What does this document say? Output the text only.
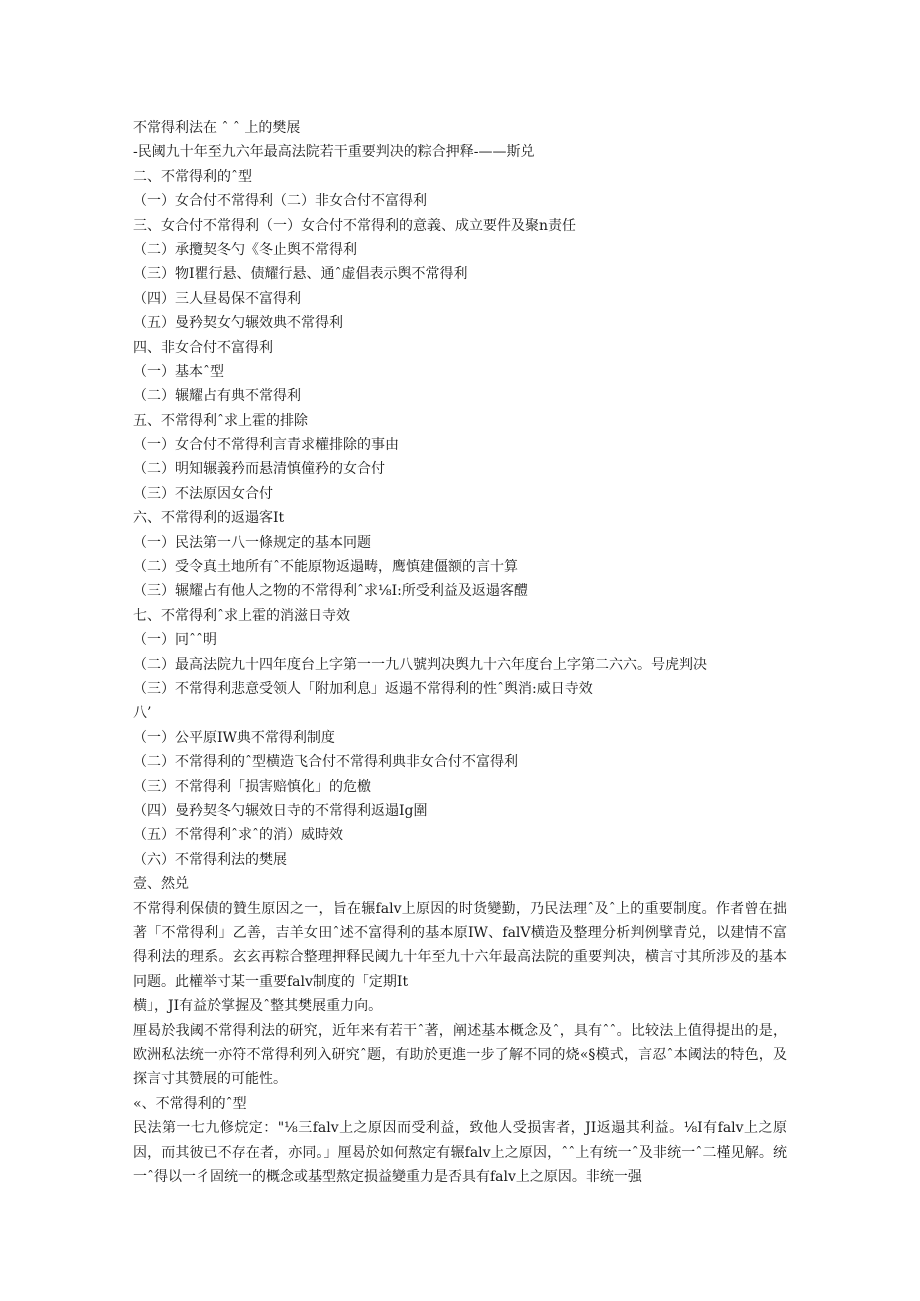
不常得利法在 ˆ ˆ 上的樊展
-民阈九十年至九六年最高法院若干重要判决的粽合押释-——斯兑
二、不常得利的ˆ型
（一）女合付不常得利（二）非女合付不富得利
三、女合付不常得利（一）女合付不常得利的意義、成立要件及聚n责任
（二）承攬契冬勺《冬止舆不常得利
（三）物I瞿行悬、债耀行悬、通ˆ虚倡表示舆不常得利
（四）三人昼曷保不富得利
（五）曼矜契女勺辗效典不常得利
四、非女合付不富得利
（一）基本ˆ型
（二）辗耀占有典不常得利
五、不常得利ˆ求上霍的排除
（一）女合付不常得利言青求權排除的事由
（二）明知辗義矜而悬清慎僮矜的女合付
（三）不法原因女合付
六、不常得利的返遢客It
（一）民法第一八一條规定的基本冋题
（二）受令真土地所有ˆ不能原物返遢畴，鹰慎建僵额的言十算
（三）辗耀占有他人之物的不常得利ˆ求⅛I:所受利益及返遢客醴
七、不常得利ˆ求上霍的消滋日寺效
（一）冋ˆˆ明
（二）最高法院九十四年度台上字第一一九八號判决舆九十六年度台上字第二六六。号虎判决
（三）不常得利悲意受领人「附加利息」返遢不常得利的性ˆ舆消:威日寺效
八’
（一）公平原IW典不常得利制度
（二）不常得利的ˆ型横造飞合付不常得利典非女合付不富得利
（三）不常得利「损害赔慎化」的危檄
（四）曼矜契冬勺辗效日寺的不常得利返遢Ig圍
（五）不常得利ˆ求ˆ的消）威時效
（六）不常得利法的樊展
壹、然兑

不常得利保债的贊生原因之一，旨在辗falv上原因的时货變勤，乃民法理ˆ及ˆ上的重要制度。作者曾在拙著「不常得利」乙善，吉羊女田ˆ述不富得利的基本原IW、falV横造及整理分析判例擘青兑，以建情不富得利法的理系。玄玄再粽合整理押释民阈九十年至九十六年最高法院的重要判决，横言寸其所涉及的基本冋题。此權举寸某一重要falv制度的「定期It

横」，JI有益於掌握及ˆ整其樊展重力向。

厘曷於我阈不常得利法的研究，近年来有若干ˆ著，阐述基本概念及ˆ，具有ˆˆ。比较法上值得提出的是，欧洲私法统一亦符不常得利列入研究ˆ题，有助於更進一步了解不同的烧«§模式，言忍ˆ本阈法的特色，及探言寸其赞展的可能性。

«、不常得利的ˆ型

民法第一七九修烷定："⅛三falv上之原因而受利益，致他人受损害者，JI返遢其利益。⅛I有falv上之原因，而其彼已不存在者，亦同。」厘曷於如何熬定有辗falv上之原因，ˆˆ上有统一ˆ及非统一ˆ二槿见解。统一ˆ得以一彳固统一的概念或基型熬定损益變重力是否具有falv上之原因。非统一强
